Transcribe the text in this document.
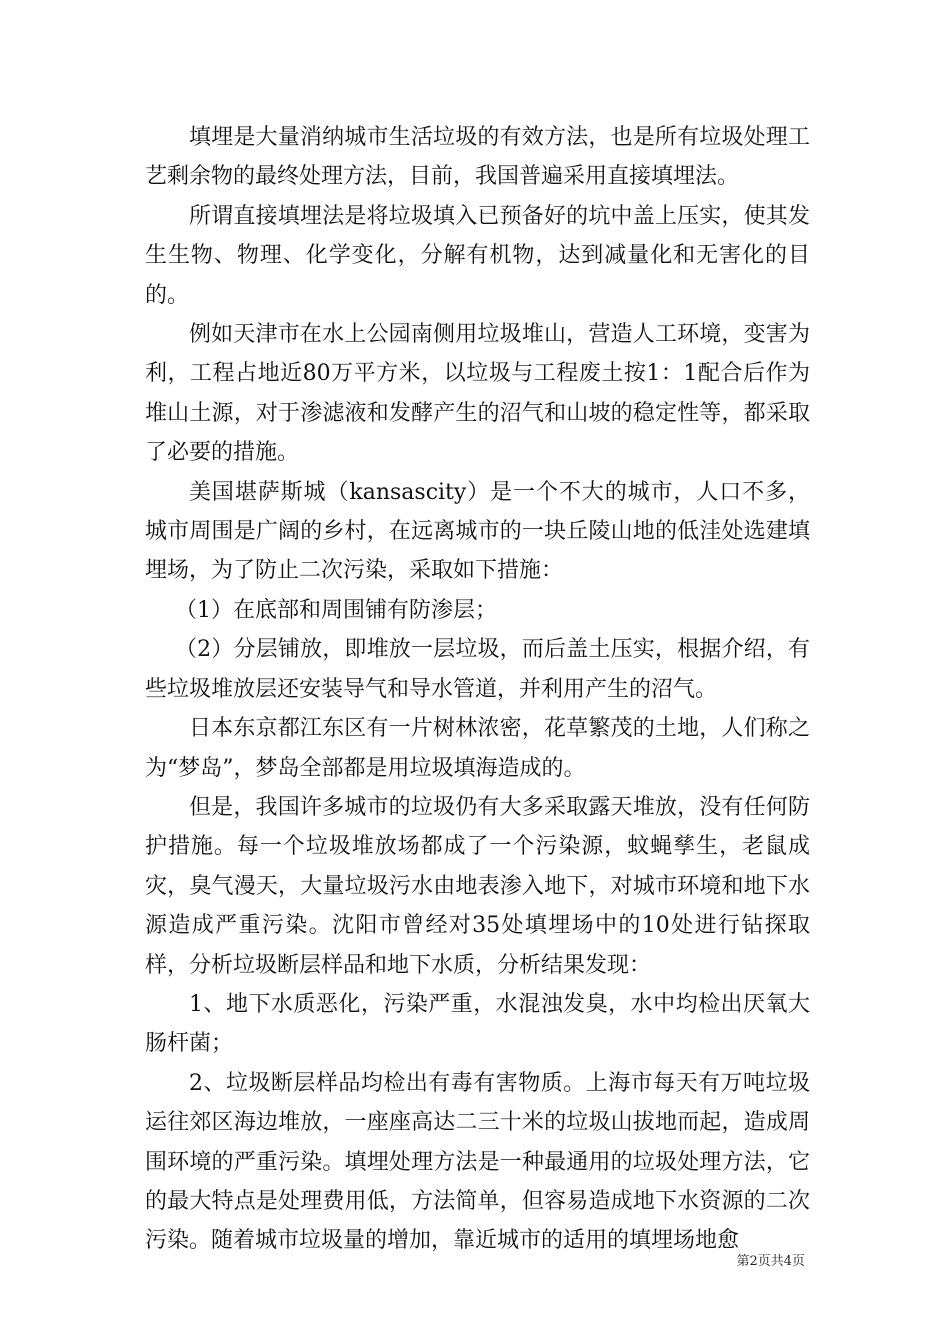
填埋是大量消纳城市生活垃圾的有效方法，也是所有垃圾处理工艺剩余物的最终处理方法，目前，我国普遍采用直接填埋法。

所谓直接填埋法是将垃圾填入已预备好的坑中盖上压实，使其发生生物、物理、化学变化，分解有机物，达到减量化和无害化的目的。

例如天津市在水上公园南侧用垃圾堆山，营造人工环境，变害为利，工程占地近80万平方米，以垃圾与工程废土按1：1配合后作为堆山土源，对于渗滤液和发酵产生的沼气和山坡的稳定性等，都采取了必要的措施。

美国堪萨斯城（kansascity）是一个不大的城市，人口不多，城市周围是广阔的乡村，在远离城市的一块丘陵山地的低洼处选建填埋场，为了防止二次污染，采取如下措施：

（1）在底部和周围铺有防渗层；

（2）分层铺放，即堆放一层垃圾，而后盖土压实，根据介绍，有些垃圾堆放层还安装导气和导水管道，并利用产生的沼气。

日本东京都江东区有一片树林浓密，花草繁茂的土地，人们称之为“梦岛”，梦岛全部都是用垃圾填海造成的。

但是，我国许多城市的垃圾仍有大多采取露天堆放，没有任何防护措施。每一个垃圾堆放场都成了一个污染源，蚊蝇孳生，老鼠成灾，臭气漫天，大量垃圾污水由地表渗入地下，对城市环境和地下水源造成严重污染。沈阳市曾经对35处填埋场中的10处进行钻探取样，分析垃圾断层样品和地下水质，分析结果发现：

1、地下水质恶化，污染严重，水混浊发臭，水中均检出厌氧大肠杆菌；

2、垃圾断层样品均检出有毒有害物质。上海市每天有万吨垃圾运往郊区海边堆放，一座座高达二三十米的垃圾山拔地而起，造成周围环境的严重污染。填埋处理方法是一种最通用的垃圾处理方法，它的最大特点是处理费用低，方法简单，但容易造成地下水资源的二次污染。随着城市垃圾量的增加，靠近城市的适用的填埋场地愈

第2页共4页
